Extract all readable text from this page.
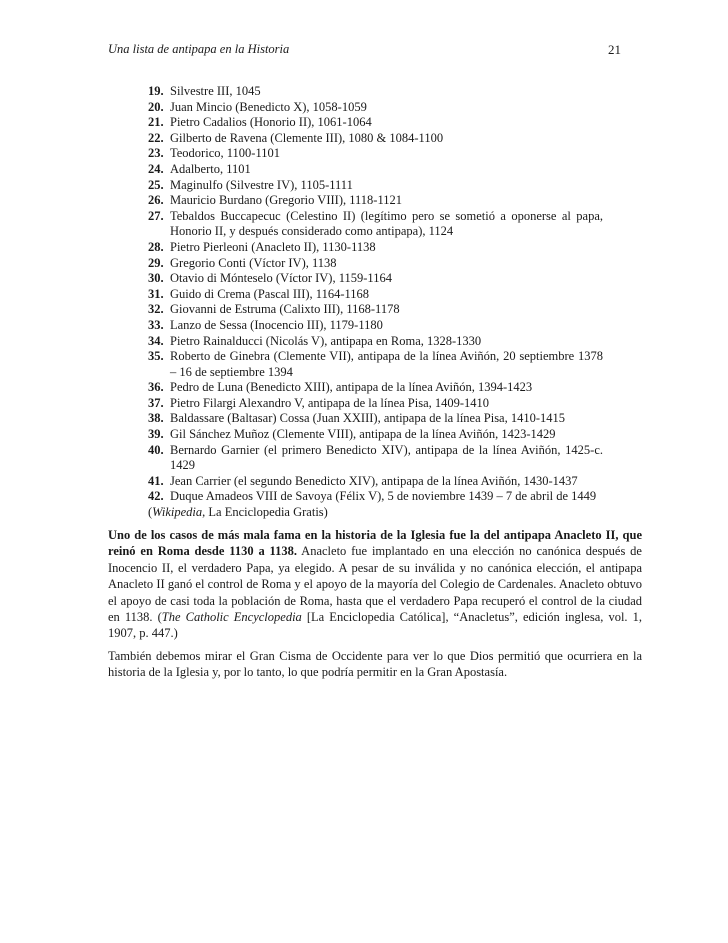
Una lista de antipapa en la Historia	21
19. Silvestre III, 1045
20. Juan Mincio (Benedicto X), 1058-1059
21. Pietro Cadalios (Honorio II), 1061-1064
22. Gilberto de Ravena (Clemente III), 1080 & 1084-1100
23. Teodorico, 1100-1101
24. Adalberto, 1101
25. Maginulfo (Silvestre IV), 1105-1111
26. Mauricio Burdano (Gregorio VIII), 1118-1121
27. Tebaldos Buccapecuc (Celestino II) (legítimo pero se sometió a oponerse al papa, Honorio II, y después considerado como antipapa), 1124
28. Pietro Pierleoni (Anacleto II), 1130-1138
29. Gregorio Conti (Víctor IV), 1138
30. Otavio di Mónteselo (Víctor IV), 1159-1164
31. Guido di Crema (Pascal III), 1164-1168
32. Giovanni de Estruma (Calixto III), 1168-1178
33. Lanzo de Sessa (Inocencio III), 1179-1180
34. Pietro Rainalducci (Nicolás V), antipapa en Roma, 1328-1330
35. Roberto de Ginebra (Clemente VII), antipapa de la línea Aviñón, 20 septiembre 1378 – 16 de septiembre 1394
36. Pedro de Luna (Benedicto XIII), antipapa de la línea Aviñón, 1394-1423
37. Pietro Filargi Alexandro V, antipapa de la línea Pisa, 1409-1410
38. Baldassare (Baltasar) Cossa (Juan XXIII), antipapa de la línea Pisa, 1410-1415
39. Gil Sánchez Muñoz (Clemente VIII), antipapa de la línea Aviñón, 1423-1429
40. Bernardo Garnier (el primero Benedicto XIV), antipapa de la línea Aviñón, 1425-c. 1429
41. Jean Carrier (el segundo Benedicto XIV), antipapa de la línea Aviñón, 1430-1437
42. Duque Amadeos VIII de Savoya (Félix V), 5 de noviembre 1439 – 7 de abril de 1449
(Wikipedia, La Enciclopedia Gratis)

Uno de los casos de más mala fama en la historia de la Iglesia fue la del antipapa Anacleto II, que reinó en Roma desde 1130 a 1138. Anacleto fue implantado en una elección no canónica después de Inocencio II, el verdadero Papa, ya elegido. A pesar de su inválida y no canónica elección, el antipapa Anacleto II ganó el control de Roma y el apoyo de la mayoría del Colegio de Cardenales. Anacleto obtuvo el apoyo de casi toda la población de Roma, hasta que el verdadero Papa recuperó el control de la ciudad en 1138. (The Catholic Encyclopedia [La Enciclopedia Católica], “Anacletus”, edición inglesa, vol. 1, 1907, p. 447.)

También debemos mirar el Gran Cisma de Occidente para ver lo que Dios permitió que ocurriera en la historia de la Iglesia y, por lo tanto, lo que podría permitir en la Gran Apostasía.
